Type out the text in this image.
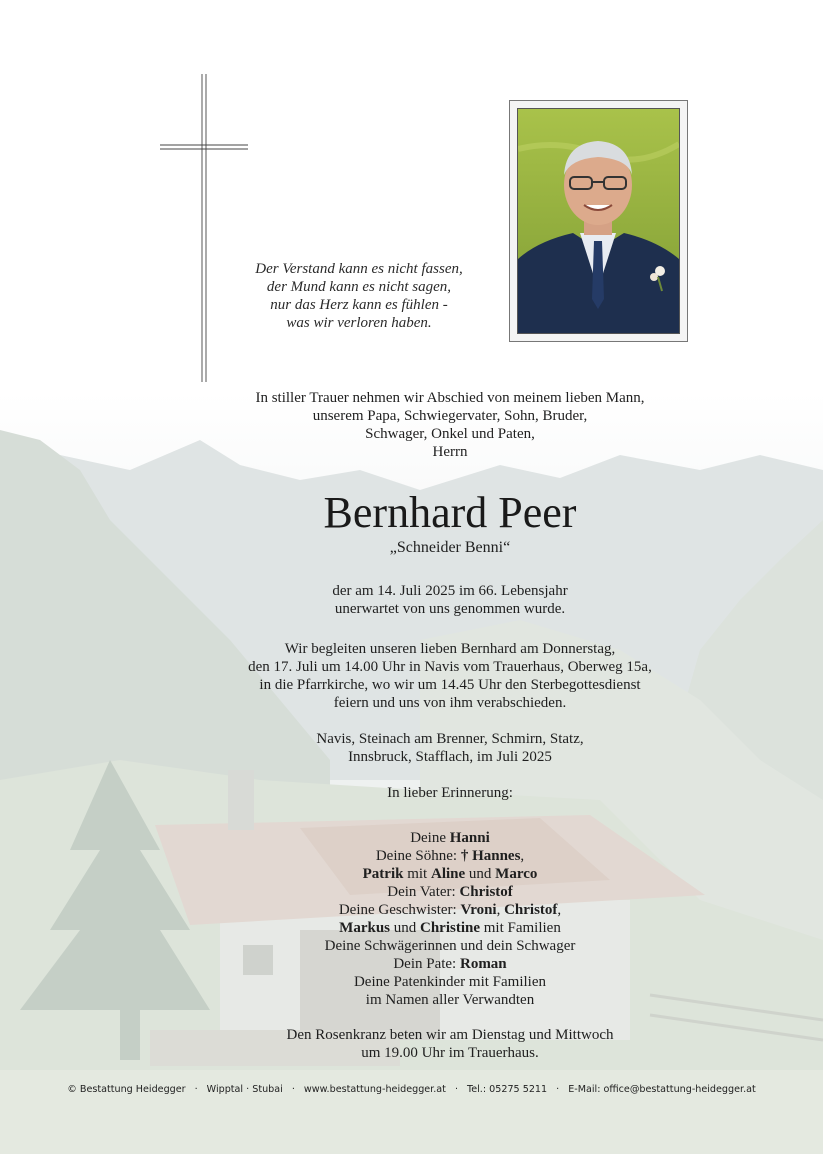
Der Verstand kann es nicht fassen,
der Mund kann es nicht sagen,
nur das Herz kann es fühlen -
was wir verloren haben.
In stiller Trauer nehmen wir Abschied von meinem lieben Mann,
unserem Papa, Schwiegervater, Sohn, Bruder,
Schwager, Onkel und Paten,
Herrn
Bernhard Peer
„Schneider Benni“
der am 14. Juli 2025 im 66. Lebensjahr
unerwartet von uns genommen wurde.
Wir begleiten unseren lieben Bernhard am Donnerstag,
den 17. Juli um 14.00 Uhr in Navis vom Trauerhaus, Oberweg 15a,
in die Pfarrkirche, wo wir um 14.45 Uhr den Sterbegottesdienst
feiern und uns von ihm verabschieden.
Navis, Steinach am Brenner, Schmirn, Statz,
Innsbruck, Stafflach, im Juli 2025
In lieber Erinnerung:
Deine Hanni
Deine Söhne: † Hannes,
Patrik mit Aline und Marco
Dein Vater: Christof
Deine Geschwister: Vroni, Christof,
Markus und Christine mit Familien
Deine Schwägerinnen und dein Schwager
Dein Pate: Roman
Deine Patenkinder mit Familien
im Namen aller Verwandten
Den Rosenkranz beten wir am Dienstag und Mittwoch
um 19.00 Uhr im Trauerhaus.
© Bestattung Heidegger · Wipptal · Stubai · www.bestattung-heidegger.at · Tel.: 05275 5211 · E-Mail: office@bestattung-heidegger.at
